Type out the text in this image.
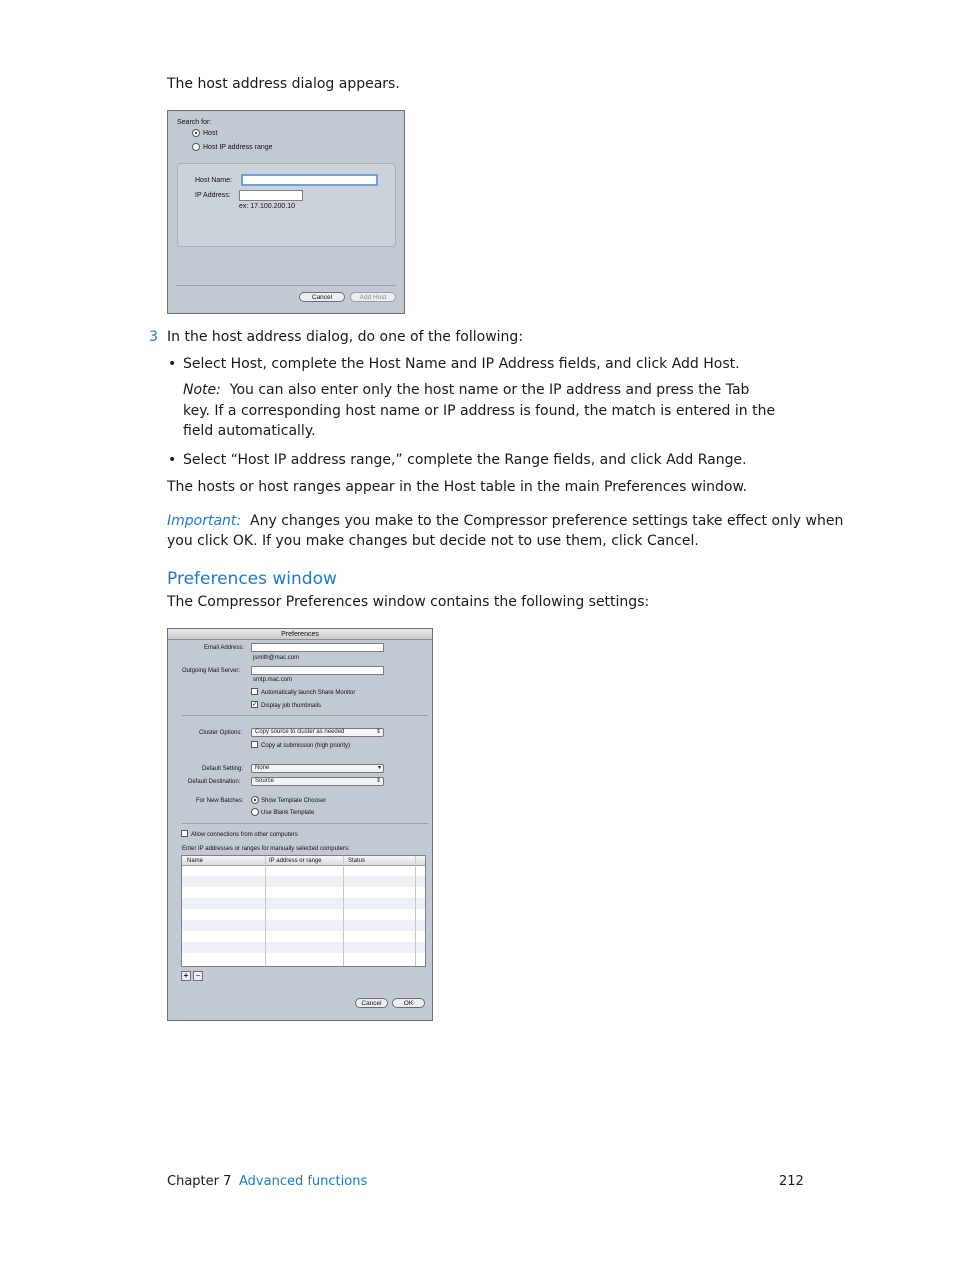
The host address dialog appears.
Search for:
Host
Host IP address range
Host Name:
IP Address:
ex: 17.100.200.10
Cancel	Add Host
3 In the host address dialog, do one of the following:
• Select Host, complete the Host Name and IP Address fields, and click Add Host.
Note: You can also enter only the host name or the IP address and press the Tab
key. If a corresponding host name or IP address is found, the match is entered in the
field automatically.
• Select “Host IP address range,” complete the Range fields, and click Add Range.
The hosts or host ranges appear in the Host table in the main Preferences window.
Important: Any changes you make to the Compressor preference settings take effect only when
you click OK. If you make changes but decide not to use them, click Cancel.
Preferences window
The Compressor Preferences window contains the following settings:
Preferences
Email Address:
jsmith@mac.com
Outgoing Mail Server:
smtp.mac.com
Automatically launch Share Monitor
✓ Display job thumbnails
Cluster Options:	Copy source to cluster as needed	⇕
Copy at submission (high priority)
Default Setting:	None	▾
Default Destination:	Source	⇕
For New Batches:	Show Template Chooser
Use Blank Template
Allow connections from other computers
Enter IP addresses or ranges for manually selected computers:
Name	IP address or range	Status
+ −
Cancel	OK
Chapter 7 Advanced functions	212
